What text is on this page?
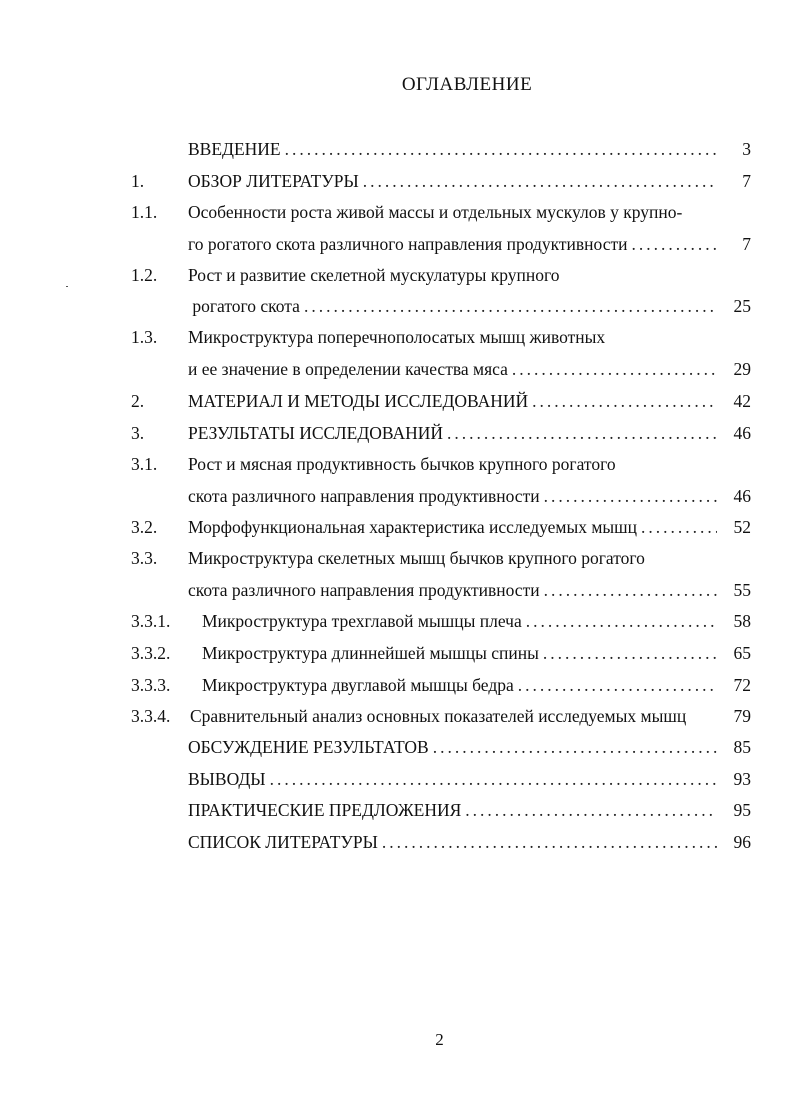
ОГЛАВЛЕНИЕ
ВВЕДЕНИЕ .....	3
1.	ОБЗОР ЛИТЕРАТУРЫ .....	7
1.1. Особенности роста живой массы и отдельных мускулов у крупно-
го рогатого скота различного направления продуктивности .....	7
1.2. Рост и развитие скелетной мускулатуры крупного
рогатого скота .....	25
1.3. Микроструктура поперечнополосатых мышц животных
и ее значение в определении качества мяса .....	29
2.	МАТЕРИАЛ И МЕТОДЫ ИССЛЕДОВАНИЙ .....	42
3.	РЕЗУЛЬТАТЫ ИССЛЕДОВАНИЙ .....	46
3.1. Рост и мясная продуктивность бычков крупного рогатого
скота различного направления продуктивности .....	46
3.2. Морфофункциональная характеристика исследуемых мышц .....	52
3.3. Микроструктура скелетных мышц бычков крупного рогатого
скота различного направления продуктивности .....	55
3.3.1. Микроструктура трехглавой мышцы плеча .....	58
3.3.2. Микроструктура длиннейшей мышцы спины .....	65
3.3.3. Микроструктура двуглавой мышцы бедра .....	72
3.3.4. Сравнительный анализ основных показателей исследуемых мышц	79
ОБСУЖДЕНИЕ РЕЗУЛЬТАТОВ .....	85
ВЫВОДЫ .....	93
ПРАКТИЧЕСКИЕ ПРЕДЛОЖЕНИЯ .....	95
СПИСОК ЛИТЕРАТУРЫ .....	96
2
